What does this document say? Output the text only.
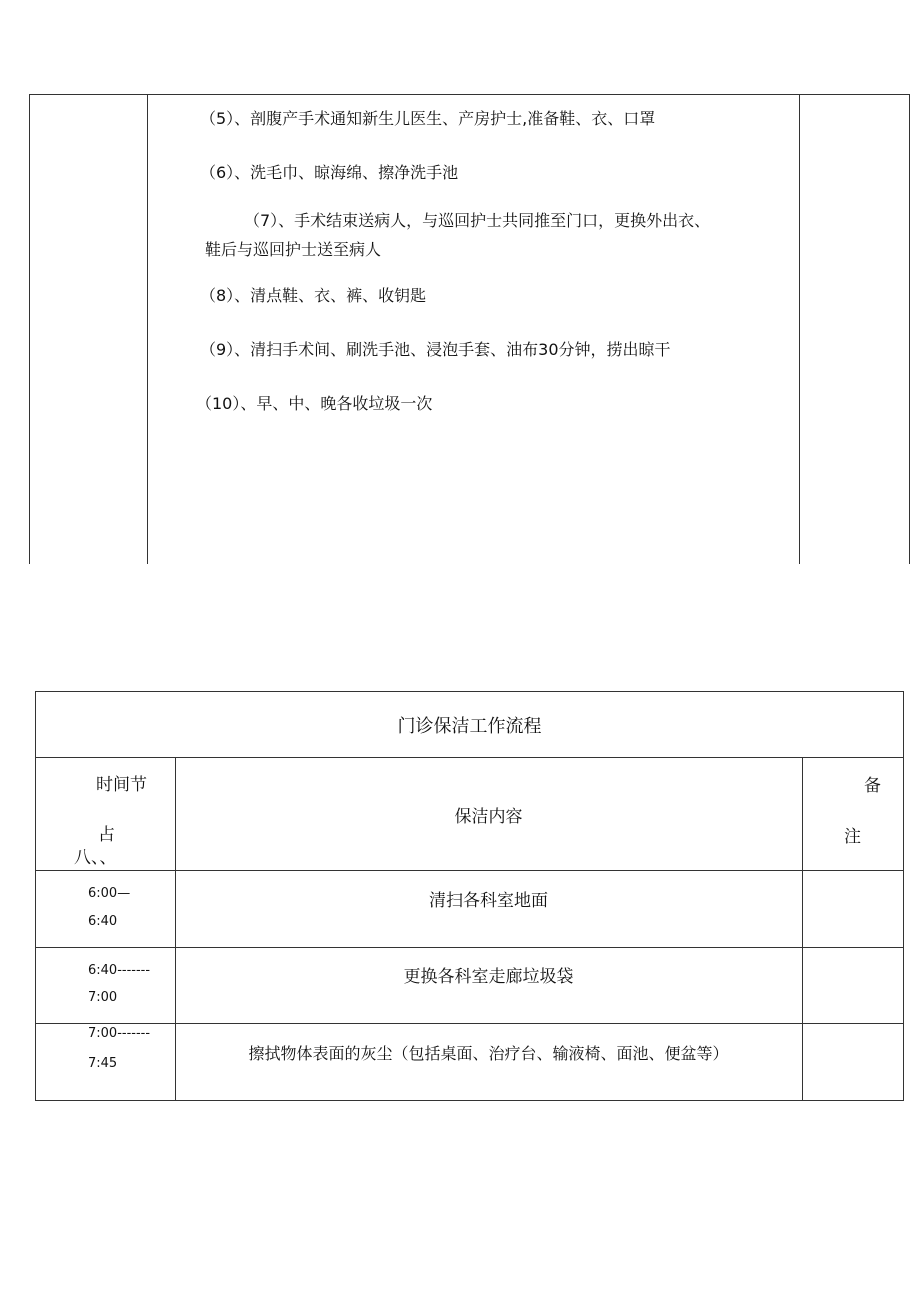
（5）、剖腹产手术通知新生儿医生、产房护士,准备鞋、衣、口罩
（6）、洗毛巾、晾海绵、擦净洗手池
（7）、手术结束送病人，与巡回护士共同推至门口，更换外出衣、
鞋后与巡回护士送至病人
（8）、清点鞋、衣、裤、收钥匙
（9）、清扫手术间、刷洗手池、浸泡手套、油布30分钟，捞出晾干
（10）、早、中、晚各收垃圾一次
门诊保洁工作流程
时间节
占
八、、
保洁内容
备
注
6:00—
6:40
清扫各科室地面
6:40-------
7:00
更换各科室走廊垃圾袋
7:00-------
7:45
擦拭物体表面的灰尘（包括桌面、治疗台、输液椅、面池、便盆等）
